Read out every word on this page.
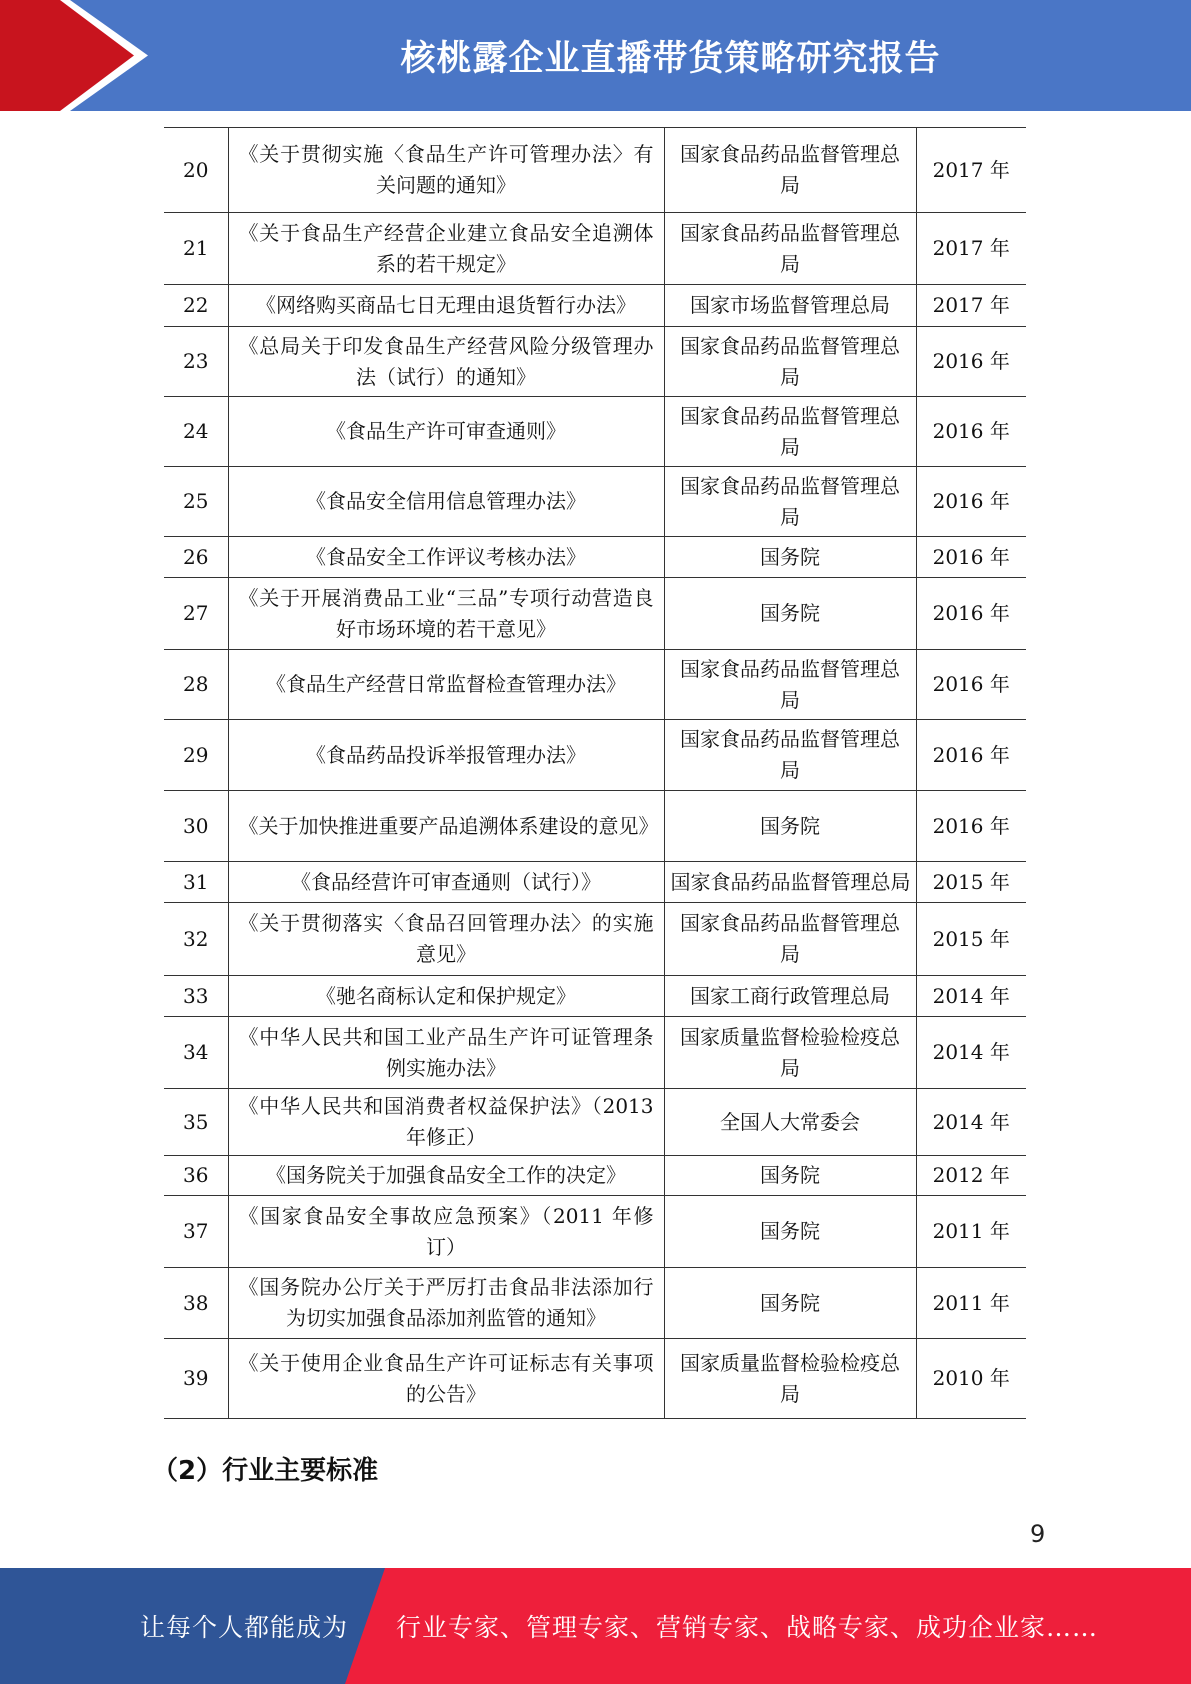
核桃露企业直播带货策略研究报告
20	《关于贯彻实施〈食品生产许可管理办法〉有关问题的通知》	国家食品药品监督管理总局	2017 年
21	《关于食品生产经营企业建立食品安全追溯体系的若干规定》	国家食品药品监督管理总局	2017 年
22	《网络购买商品七日无理由退货暂行办法》	国家市场监督管理总局	2017 年
23	《总局关于印发食品生产经营风险分级管理办法（试行）的通知》	国家食品药品监督管理总局	2016 年
24	《食品生产许可审查通则》	国家食品药品监督管理总局	2016 年
25	《食品安全信用信息管理办法》	国家食品药品监督管理总局	2016 年
26	《食品安全工作评议考核办法》	国务院	2016 年
27	《关于开展消费品工业“三品”专项行动营造良好市场环境的若干意见》	国务院	2016 年
28	《食品生产经营日常监督检查管理办法》	国家食品药品监督管理总局	2016 年
29	《食品药品投诉举报管理办法》	国家食品药品监督管理总局	2016 年
30	《关于加快推进重要产品追溯体系建设的意见》	国务院	2016 年
31	《食品经营许可审查通则（试行）》	国家食品药品监督管理总局	2015 年
32	《关于贯彻落实〈食品召回管理办法〉的实施意见》	国家食品药品监督管理总局	2015 年
33	《驰名商标认定和保护规定》	国家工商行政管理总局	2014 年
34	《中华人民共和国工业产品生产许可证管理条例实施办法》	国家质量监督检验检疫总局	2014 年
35	《中华人民共和国消费者权益保护法》（2013 年修正）	全国人大常委会	2014 年
36	《国务院关于加强食品安全工作的决定》	国务院	2012 年
37	《国家食品安全事故应急预案》（2011 年修订）	国务院	2011 年
38	《国务院办公厅关于严厉打击食品非法添加行为切实加强食品添加剂监管的通知》	国务院	2011 年
39	《关于使用企业食品生产许可证标志有关事项的公告》	国家质量监督检验检疫总局	2010 年
（2）行业主要标准
9
让每个人都能成为 行业专家、管理专家、营销专家、战略专家、成功企业家……
